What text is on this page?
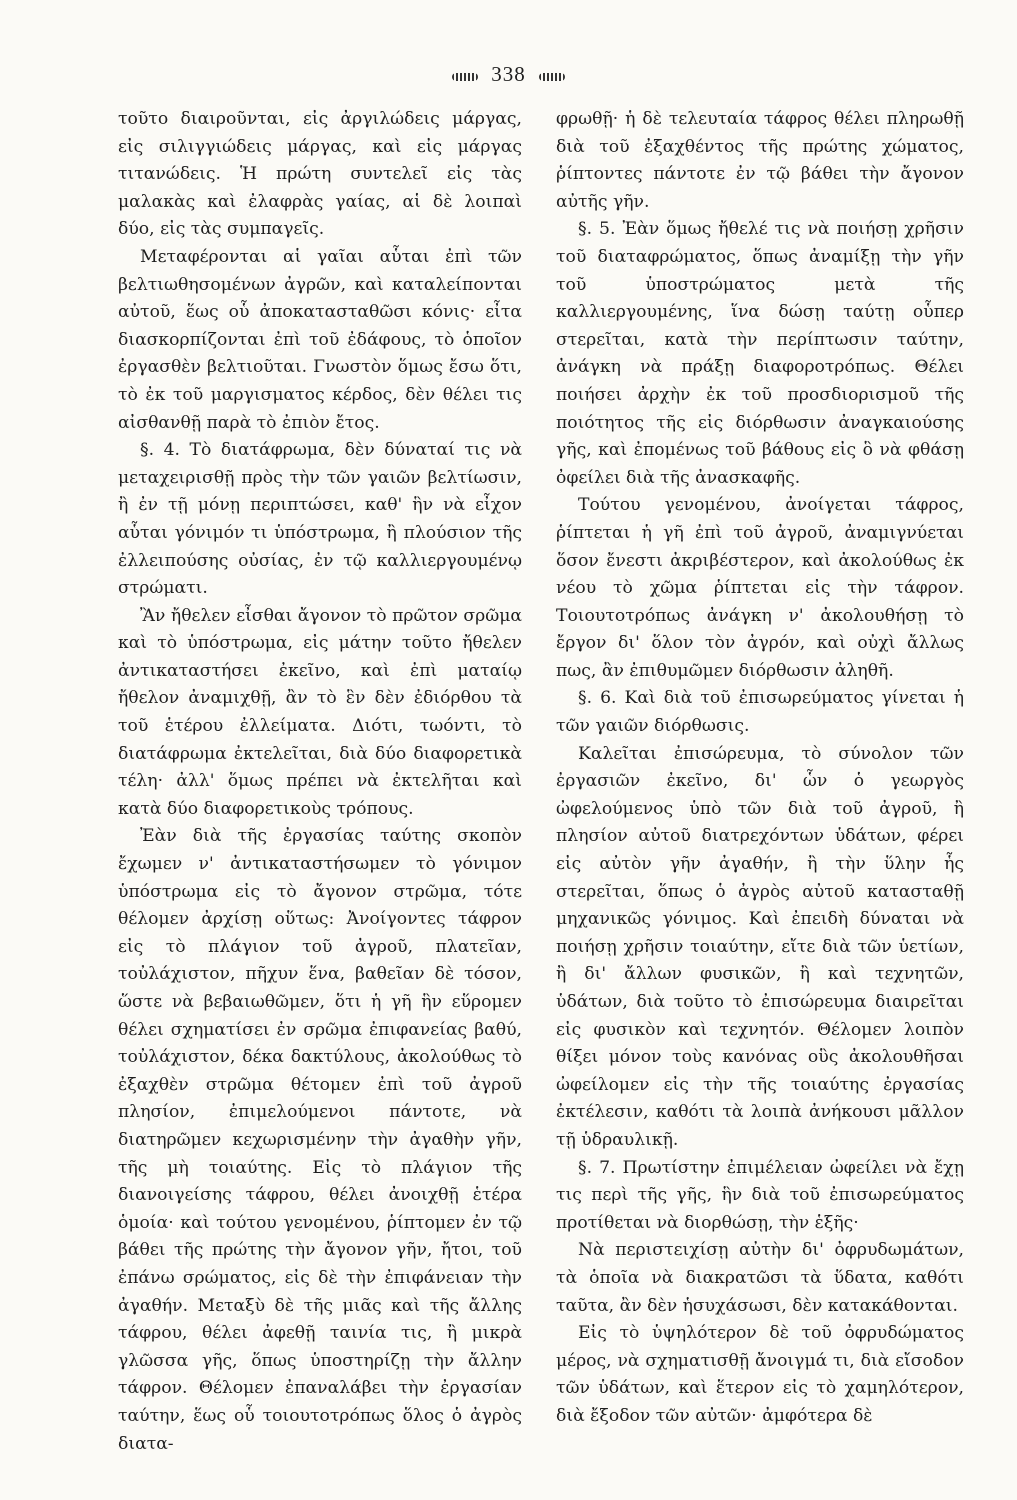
338

τοῦτο διαιροῦνται, εἰς ἀργιλώδεις μάργας, εἰς σιλιγγιώδεις μάργας, καὶ εἰς μάργας τιτανώδεις. Ἡ πρώτη συντελεῖ εἰς τὰς μαλακὰς καὶ ἐλαφρὰς γαίας, αἱ δὲ λοιπαὶ δύο, εἰς τὰς συμπαγεῖς.

Μεταφέρονται αἱ γαῖαι αὗται ἐπὶ τῶν βελτιωθησομένων ἀγρῶν, καὶ καταλείπονται αὐτοῦ, ἕως οὗ ἀποκατασταθῶσι κόνις· εἶτα διασκορπίζονται ἐπὶ τοῦ ἐδάφους, τὸ ὁποῖον ἐργασθὲν βελτιοῦται. Γνωστὸν ὅμως ἔσω ὅτι, τὸ ἐκ τοῦ μαργισματος κέρδος, δὲν θέλει τις αἰσθανθῇ παρὰ τὸ ἐπιὸν ἔτος.

§. 4. Τὸ διατάφρωμα, δὲν δύναταί τις νὰ μεταχειρισθῇ πρὸς τὴν τῶν γαιῶν βελτίωσιν, ἢ ἐν τῇ μόνῃ περιπτώσει, καθ' ἣν νὰ εἶχον αὗται γόνιμόν τι ὑπόστρωμα, ἢ πλούσιον τῆς ἐλλειπούσης οὐσίας, ἐν τῷ καλλιεργουμένῳ στρώματι.

Ἂν ἤθελεν εἶσθαι ἄγονον τὸ πρῶτον σρῶμα καὶ τὸ ὑπόστρωμα, εἰς μάτην τοῦτο ἤθελεν ἀντικαταστήσει ἐκεῖνο, καὶ ἐπὶ ματαίῳ ἤθελον ἀναμιχθῇ, ἂν τὸ ἓν δὲν ἐδιόρθου τὰ τοῦ ἑτέρου ἐλλείματα. Διότι, τωόντι, τὸ διατάφρωμα ἐκτελεῖται, διὰ δύο διαφορετικὰ τέλη· ἀλλ' ὅμως πρέπει νὰ ἐκτελῆται καὶ κατὰ δύο διαφορετικοὺς τρόπους.

Ἐὰν διὰ τῆς ἐργασίας ταύτης σκοπὸν ἔχωμεν ν' ἀντικαταστήσωμεν τὸ γόνιμον ὑπόστρωμα εἰς τὸ ἄγονον στρῶμα, τότε θέλομεν ἀρχίσῃ οὕτως: Ἀνοίγοντες τάφρον εἰς τὸ πλάγιον τοῦ ἀγροῦ, πλατεῖαν, τοὐλάχιστον, πῆχυν ἕνα, βαθεῖαν δὲ τόσον, ὥστε νὰ βεβαιωθῶμεν, ὅτι ἡ γῆ ἣν εὕρομεν θέλει σχηματίσει ἐν σρῶμα ἐπιφανείας βαθύ, τοὐλάχιστον, δέκα δακτύλους, ἀκολούθως τὸ ἐξαχθὲν στρῶμα θέτομεν ἐπὶ τοῦ ἀγροῦ πλησίον, ἐπιμελούμενοι πάντοτε, νὰ διατηρῶμεν κεχωρισμένην τὴν ἀγαθὴν γῆν, τῆς μὴ τοιαύτης. Εἰς τὸ πλάγιον τῆς διανοιγείσης τάφρου, θέλει ἀνοιχθῇ ἑτέρα ὁμοία· καὶ τούτου γενομένου, ῥίπτομεν ἐν τῷ βάθει τῆς πρώτης τὴν ἄγονον γῆν, ἤτοι, τοῦ ἐπάνω σρώματος, εἰς δὲ τὴν ἐπιφάνειαν τὴν ἀγαθήν. Μεταξὺ δὲ τῆς μιᾶς καὶ τῆς ἄλλης τάφρου, θέλει ἀφεθῇ ταινία τις, ἢ μικρὰ γλῶσσα γῆς, ὅπως ὑποστηρίζῃ τὴν ἄλλην τάφρον. Θέλομεν ἐπαναλάβει τὴν ἐργασίαν ταύτην, ἕως οὗ τοιουτοτρόπως ὅλος ὁ ἀγρὸς διατα-

φρωθῇ· ἡ δὲ τελευταία τάφρος θέλει πληρωθῇ διὰ τοῦ ἐξαχθέντος τῆς πρώτης χώματος, ῥίπτοντες πάντοτε ἐν τῷ βάθει τὴν ἄγονον αὐτῆς γῆν.

§. 5. Ἐὰν ὅμως ἤθελέ τις νὰ ποιήσῃ χρῆσιν τοῦ διαταφρώματος, ὅπως ἀναμίξῃ τὴν γῆν τοῦ ὑποστρώματος μετὰ τῆς καλλιεργουμένης, ἵνα δώσῃ ταύτῃ οὗπερ στερεῖται, κατὰ τὴν περίπτωσιν ταύτην, ἀνάγκη νὰ πράξῃ διαφοροτρόπως. Θέλει ποιήσει ἀρχὴν ἐκ τοῦ προσδιορισμοῦ τῆς ποιότητος τῆς εἰς διόρθωσιν ἀναγκαιούσης γῆς, καὶ ἐπομένως τοῦ βάθους εἰς ὃ νὰ φθάσῃ ὀφείλει διὰ τῆς ἀνασκαφῆς.

Τούτου γενομένου, ἀνοίγεται τάφρος, ῥίπτεται ἡ γῆ ἐπὶ τοῦ ἀγροῦ, ἀναμιγνύεται ὅσον ἔνεστι ἀκριβέστερον, καὶ ἀκολούθως ἐκ νέου τὸ χῶμα ῥίπτεται εἰς τὴν τάφρον. Τοιουτοτρόπως ἀνάγκη ν' ἀκολουθήσῃ τὸ ἔργον δι' ὅλον τὸν ἀγρόν, καὶ οὐχὶ ἄλλως πως, ἂν ἐπιθυμῶμεν διόρθωσιν ἀληθῆ.

§. 6. Καὶ διὰ τοῦ ἐπισωρεύματος γίνεται ἡ τῶν γαιῶν διόρθωσις.

Καλεῖται ἐπισώρευμα, τὸ σύνολον τῶν ἐργασιῶν ἐκεῖνο, δι' ὧν ὁ γεωργὸς ὠφελούμενος ὑπὸ τῶν διὰ τοῦ ἀγροῦ, ἢ πλησίον αὐτοῦ διατρεχόντων ὑδάτων, φέρει εἰς αὐτὸν γῆν ἀγαθήν, ἢ τὴν ὕλην ἧς στερεῖται, ὅπως ὁ ἀγρὸς αὐτοῦ κατασταθῇ μηχανικῶς γόνιμος. Καὶ ἐπειδὴ δύναται νὰ ποιήσῃ χρῆσιν τοιαύτην, εἴτε διὰ τῶν ὑετίων, ἢ δι' ἄλλων φυσικῶν, ἢ καὶ τεχνητῶν, ὑδάτων, διὰ τοῦτο τὸ ἐπισώρευμα διαιρεῖται εἰς φυσικὸν καὶ τεχνητόν. Θέλομεν λοιπὸν θίξει μόνον τοὺς κανόνας οὓς ἀκολουθῆσαι ὠφείλομεν εἰς τὴν τῆς τοιαύτης ἐργασίας ἐκτέλεσιν, καθότι τὰ λοιπὰ ἀνήκουσι μᾶλλον τῇ ὑδραυλικῇ.

§. 7. Πρωτίστην ἐπιμέλειαν ὠφείλει νὰ ἔχῃ τις περὶ τῆς γῆς, ἣν διὰ τοῦ ἐπισωρεύματος προτίθεται νὰ διορθώσῃ, τὴν ἑξῆς·

Νὰ περιστειχίσῃ αὐτὴν δι' ὀφρυδωμάτων, τὰ ὁποῖα νὰ διακρατῶσι τὰ ὕδατα, καθότι ταῦτα, ἂν δὲν ἡσυχάσωσι, δὲν κατακάθονται.

Εἰς τὸ ὑψηλότερον δὲ τοῦ ὀφρυδώματος μέρος, νὰ σχηματισθῇ ἄνοιγμά τι, διὰ εἴσοδον τῶν ὑδάτων, καὶ ἕτερον εἰς τὸ χαμηλότερον, διὰ ἔξοδον τῶν αὐτῶν· ἀμφότερα δὲ
